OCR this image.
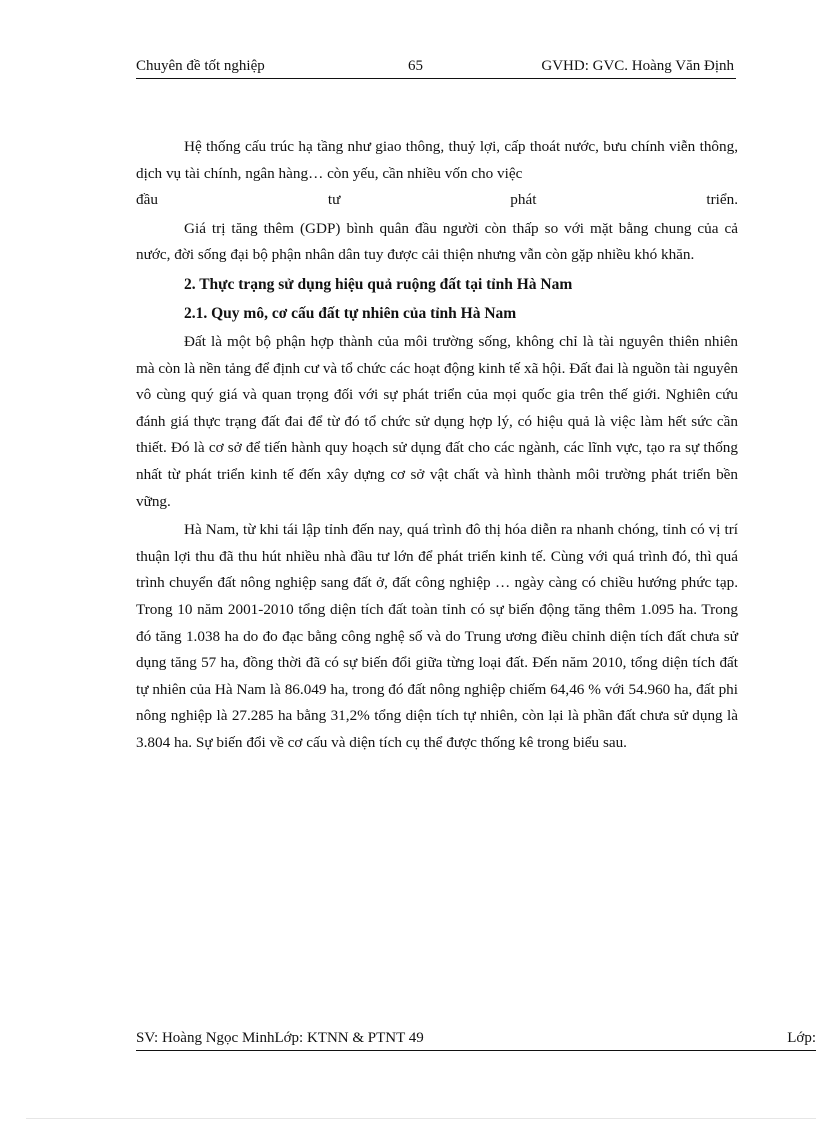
Chuyên đề tốt nghiệp	65	GVHD: GVC. Hoàng Văn Định

Hệ thống cấu trúc hạ tầng như giao thông, thuỷ lợi, cấp thoát nước, bưu chính viễn thông, dịch vụ tài chính, ngân hàng… còn yếu, cần nhiều vốn cho việc

đầu tư phát triển.

Giá trị tăng thêm (GDP) bình quân đầu người còn thấp so với mặt bằng chung của cả nước, đời sống đại bộ phận nhân dân tuy được cải thiện nhưng vẫn còn gặp nhiều khó khăn.

2. Thực trạng sử dụng hiệu quả ruộng đất tại tỉnh Hà Nam
2.1. Quy mô, cơ cấu đất tự nhiên của tỉnh Hà Nam

Đất là một bộ phận hợp thành của môi trường sống, không chỉ là tài nguyên thiên nhiên mà còn là nền tảng để định cư và tổ chức các hoạt động kinh tế xã hội. Đất đai là nguồn tài nguyên vô cùng quý giá và quan trọng đối với sự phát triển của mọi quốc gia trên thế giới. Nghiên cứu đánh giá thực trạng đất đai để từ đó tổ chức sử dụng hợp lý, có hiệu quả là việc làm hết sức cần thiết. Đó là cơ sở để tiến hành quy hoạch sử dụng đất cho các ngành, các lĩnh vực, tạo ra sự thống nhất từ phát triển kinh tế đến xây dựng cơ sở vật chất và hình thành môi trường phát triển bền vững.

Hà Nam, từ khi tái lập tỉnh đến nay, quá trình đô thị hóa diễn ra nhanh chóng, tỉnh có vị trí thuận lợi thu đã thu hút nhiều nhà đầu tư lớn để phát triển kinh tế. Cùng với quá trình đó, thì quá trình chuyển đất nông nghiệp sang đất ở, đất công nghiệp … ngày càng có chiều hướng phức tạp. Trong 10 năm 2001-2010 tổng diện tích đất toàn tỉnh có sự biến động tăng thêm 1.095 ha. Trong đó tăng 1.038 ha do đo đạc bằng công nghệ số và do Trung ương điều chỉnh diện tích đất chưa sử dụng tăng 57 ha, đồng thời đã có sự biến đổi giữa từng loại đất. Đến năm 2010, tổng diện tích đất tự nhiên của Hà Nam là 86.049 ha, trong đó đất nông nghiệp chiếm 64,46 % với 54.960 ha, đất phi nông nghiệp là 27.285 ha bằng 31,2% tổng diện tích tự nhiên, còn lại là phần đất chưa sử dụng là 3.804 ha. Sự biến đổi về cơ cấu và diện tích cụ thể được thống kê trong biểu sau.

SV: Hoàng Ngọc MinhLớp: KTNN & PTNT 49	Lớp:
